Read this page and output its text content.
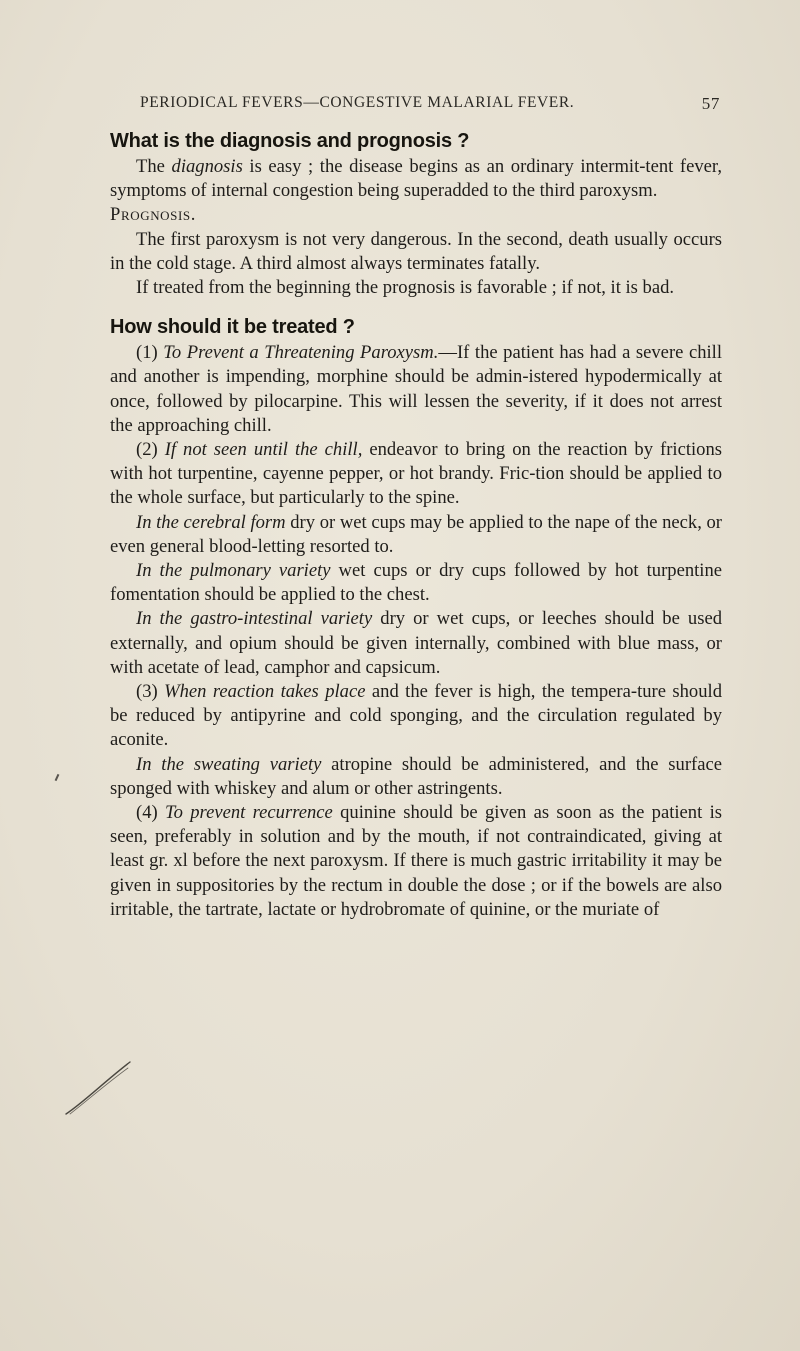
PERIODICAL FEVERS—CONGESTIVE MALARIAL FEVER.	57
What is the diagnosis and prognosis ?

The diagnosis is easy ; the disease begins as an ordinary intermit-tent fever, symptoms of internal congestion being superadded to the third paroxysm.

Prognosis.

The first paroxysm is not very dangerous. In the second, death usually occurs in the cold stage. A third almost always terminates fatally.

If treated from the beginning the prognosis is favorable ; if not, it is bad.

How should it be treated ?

(1) To Prevent a Threatening Paroxysm.—If the patient has had a severe chill and another is impending, morphine should be admin-istered hypodermically at once, followed by pilocarpine. This will lessen the severity, if it does not arrest the approaching chill.

(2) If not seen until the chill, endeavor to bring on the reaction by frictions with hot turpentine, cayenne pepper, or hot brandy. Fric-tion should be applied to the whole surface, but particularly to the spine.

In the cerebral form dry or wet cups may be applied to the nape of the neck, or even general blood-letting resorted to.

In the pulmonary variety wet cups or dry cups followed by hot turpentine fomentation should be applied to the chest.

In the gastro-intestinal variety dry or wet cups, or leeches should be used externally, and opium should be given internally, combined with blue mass, or with acetate of lead, camphor and capsicum.

(3) When reaction takes place and the fever is high, the tempera-ture should be reduced by antipyrine and cold sponging, and the circulation regulated by aconite.

In the sweating variety atropine should be administered, and the surface sponged with whiskey and alum or other astringents.

(4) To prevent recurrence quinine should be given as soon as the patient is seen, preferably in solution and by the mouth, if not contraindicated, giving at least gr. xl before the next paroxysm. If there is much gastric irritability it may be given in suppositories by the rectum in double the dose ; or if the bowels are also irritable, the tartrate, lactate or hydrobromate of quinine, or the muriate of
